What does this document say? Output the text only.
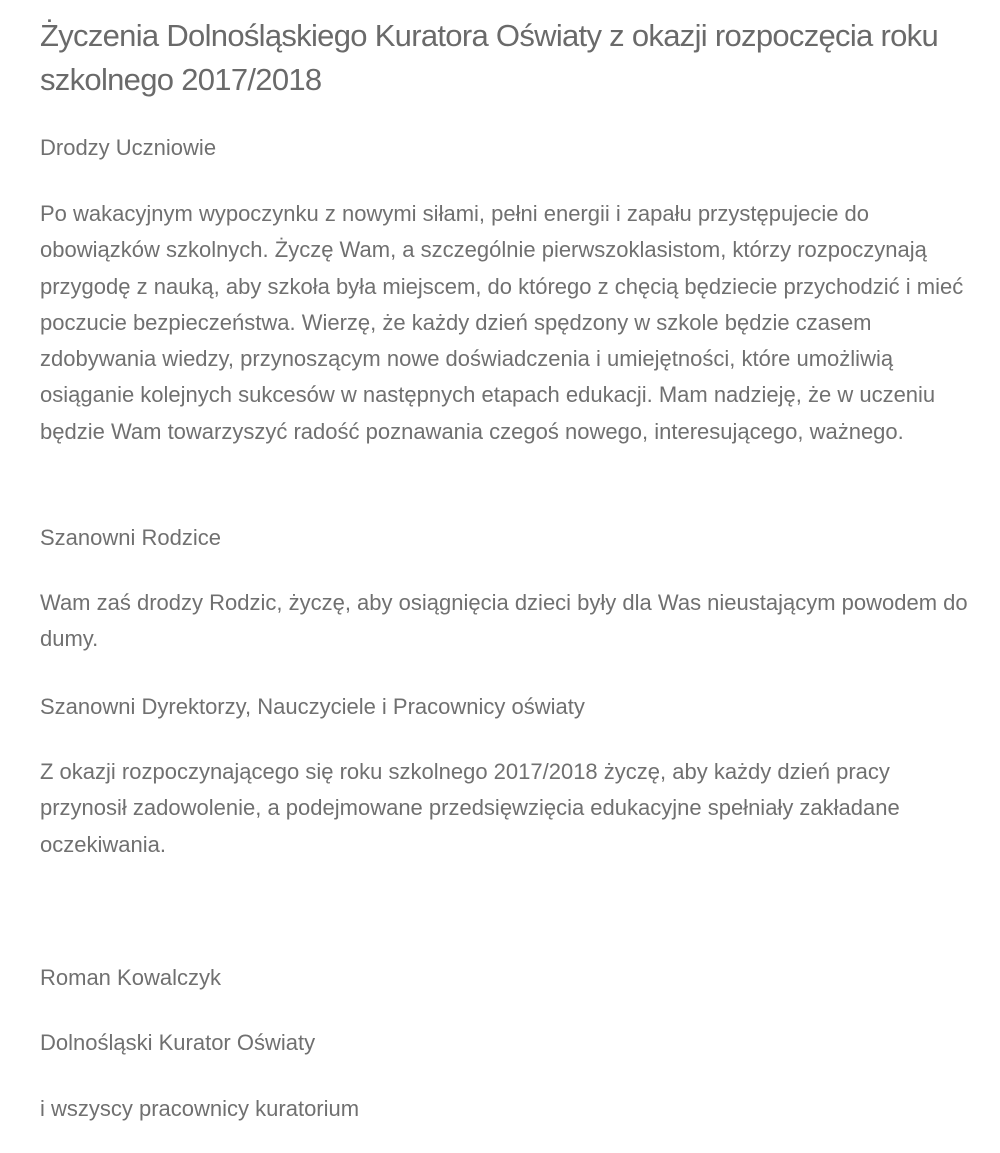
Życzenia Dolnośląskiego Kuratora Oświaty z okazji rozpoczęcia roku szkolnego 2017/2018

Drodzy Uczniowie

Po wakacyjnym wypoczynku z nowymi siłami, pełni energii i zapału przystępujecie do obowiązków szkolnych. Życzę Wam, a szczególnie pierwszoklasistom, którzy rozpoczynają przygodę z nauką, aby szkoła była miejscem, do którego z chęcią będziecie przychodzić i mieć poczucie bezpieczeństwa. Wierzę, że każdy dzień spędzony w szkole będzie czasem zdobywania wiedzy, przynoszącym nowe doświadczenia i umiejętności, które umożliwią osiąganie kolejnych sukcesów w następnych etapach edukacji. Mam nadzieję, że w uczeniu będzie Wam towarzyszyć radość poznawania czegoś nowego, interesującego, ważnego.

Szanowni Rodzice

Wam zaś drodzy Rodzic, życzę, aby osiągnięcia dzieci były dla Was nieustającym powodem do dumy.

Szanowni Dyrektorzy, Nauczyciele i Pracownicy oświaty

Z okazji rozpoczynającego się roku szkolnego 2017/2018 życzę, aby każdy dzień pracy przynosił zadowolenie, a podejmowane przedsięwzięcia edukacyjne spełniały zakładane oczekiwania.

Roman Kowalczyk

Dolnośląski Kurator Oświaty

i wszyscy pracownicy kuratorium
